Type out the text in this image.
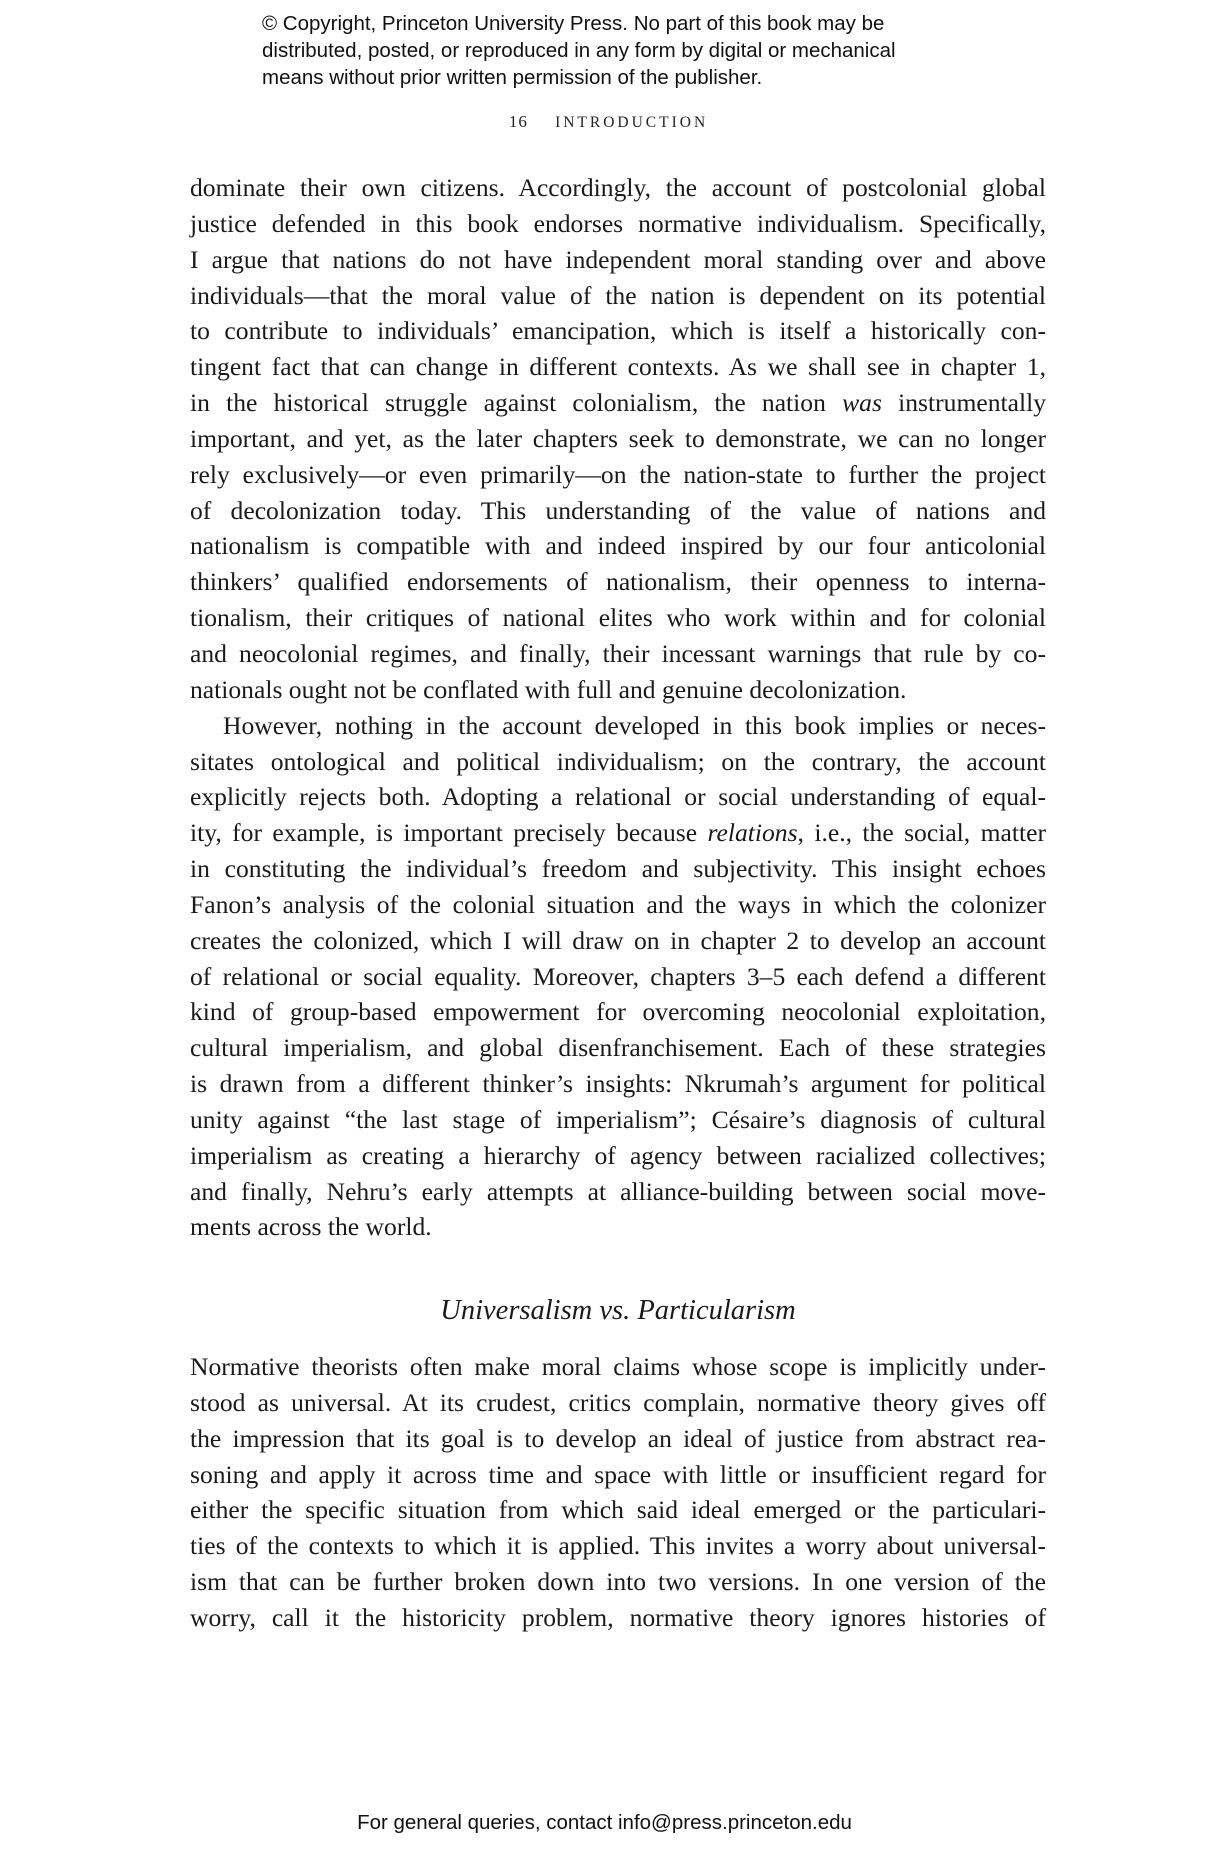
© Copyright, Princeton University Press. No part of this book may be
distributed, posted, or reproduced in any form by digital or mechanical
means without prior written permission of the publisher.
16 INTRODUCTION
dominate their own citizens. Accordingly, the account of postcolonial global
justice defended in this book endorses normative individualism. Specifically,
I argue that nations do not have independent moral standing over and above
individuals—that the moral value of the nation is dependent on its potential
to contribute to individuals’ emancipation, which is itself a historically con-
tingent fact that can change in different contexts. As we shall see in chapter 1,
in the historical struggle against colonialism, the nation was instrumentally
important, and yet, as the later chapters seek to demonstrate, we can no longer
rely exclusively—or even primarily—on the nation-state to further the project
of decolonization today. This understanding of the value of nations and
nationalism is compatible with and indeed inspired by our four anticolonial
thinkers’ qualified endorsements of nationalism, their openness to interna-
tionalism, their critiques of national elites who work within and for colonial
and neocolonial regimes, and finally, their incessant warnings that rule by co-
nationals ought not be conflated with full and genuine decolonization.
However, nothing in the account developed in this book implies or neces-
sitates ontological and political individualism; on the contrary, the account
explicitly rejects both. Adopting a relational or social understanding of equal-
ity, for example, is important precisely because relations, i.e., the social, matter
in constituting the individual’s freedom and subjectivity. This insight echoes
Fanon’s analysis of the colonial situation and the ways in which the colonizer
creates the colonized, which I will draw on in chapter 2 to develop an account
of relational or social equality. Moreover, chapters 3–5 each defend a different
kind of group-based empowerment for overcoming neocolonial exploitation,
cultural imperialism, and global disenfranchisement. Each of these strategies
is drawn from a different thinker’s insights: Nkrumah’s argument for political
unity against “the last stage of imperialism”; Césaire’s diagnosis of cultural
imperialism as creating a hierarchy of agency between racialized collectives;
and finally, Nehru’s early attempts at alliance-building between social move-
ments across the world.
Universalism vs. Particularism
Normative theorists often make moral claims whose scope is implicitly under-
stood as universal. At its crudest, critics complain, normative theory gives off
the impression that its goal is to develop an ideal of justice from abstract rea-
soning and apply it across time and space with little or insufficient regard for
either the specific situation from which said ideal emerged or the particulari-
ties of the contexts to which it is applied. This invites a worry about universal-
ism that can be further broken down into two versions. In one version of the
worry, call it the historicity problem, normative theory ignores histories of
For general queries, contact info@press.princeton.edu
